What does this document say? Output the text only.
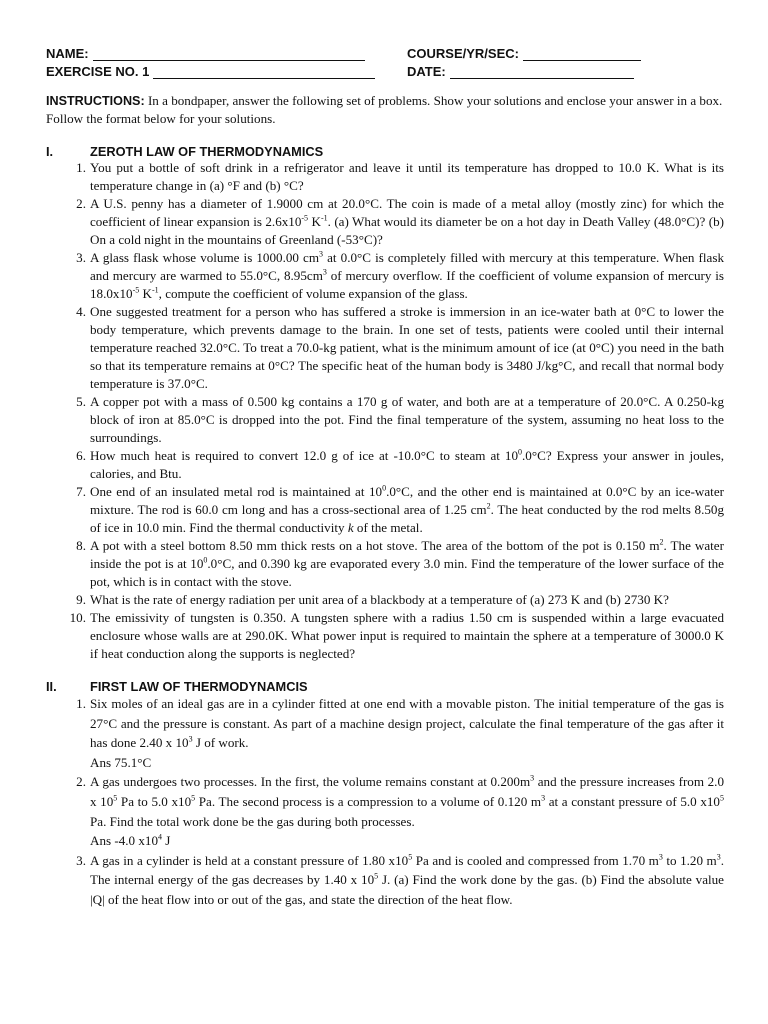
NAME:
EXERCISE NO. 1
COURSE/YR/SEC:
DATE:
INSTRUCTIONS: In a bondpaper, answer the following set of problems. Show your solutions and enclose your answer in a box. Follow the format below for your solutions.
I.	ZEROTH LAW OF THERMODYNAMICS
1. You put a bottle of soft drink in a refrigerator and leave it until its temperature has dropped to 10.0 K. What is its temperature change in (a) °F and (b) °C?
2. A U.S. penny has a diameter of 1.9000 cm at 20.0°C. The coin is made of a metal alloy (mostly zinc) for which the coefficient of linear expansion is $2.6x10^{-5}$ $K^{-1}$. (a) What would its diameter be on a hot day in Death Valley (48.0°C)? (b) On a cold night in the mountains of Greenland (-53°C)?
3. A glass flask whose volume is 1000.00 $cm^3$ at 0.0°C is completely filled with mercury at this temperature. When flask and mercury are warmed to 55.0°C, $8.95cm^3$ of mercury overflow. If the coefficient of volume expansion of mercury is $18.0x10^{-5}$ $K^{-1}$, compute the coefficient of volume expansion of the glass.
4. One suggested treatment for a person who has suffered a stroke is immersion in an ice-water bath at 0°C to lower the body temperature, which prevents damage to the brain. In one set of tests, patients were cooled until their internal temperature reached 32.0°C. To treat a 70.0-kg patient, what is the minimum amount of ice (at 0°C) you need in the bath so that its temperature remains at 0°C? The specific heat of the human body is 3480 J/kg°C, and recall that normal body temperature is 37.0°C.
5. A copper pot with a mass of 0.500 kg contains a 170 g of water, and both are at a temperature of 20.0°C. A 0.250-kg block of iron at 85.0°C is dropped into the pot. Find the final temperature of the system, assuming no heat loss to the surroundings.
6. How much heat is required to convert 12.0 g of ice at -10.0°C to steam at $10^0.0^\circ C$? Express your answer in joules, calories, and Btu.
7. One end of an insulated metal rod is maintained at $10^0.0^\circ C$, and the other end is maintained at 0.0°C by an ice-water mixture. The rod is 60.0 cm long and has a cross-sectional area of 1.25 $cm^2$. The heat conducted by the rod melts 8.50g of ice in 10.0 min. Find the thermal conductivity k of the metal.
8. A pot with a steel bottom 8.50 mm thick rests on a hot stove. The area of the bottom of the pot is 0.150 $m^2$. The water inside the pot is at $10^0.0^\circ C$, and 0.390 kg are evaporated every 3.0 min. Find the temperature of the lower surface of the pot, which is in contact with the stove.
9. What is the rate of energy radiation per unit area of a blackbody at a temperature of (a) 273 K and (b) 2730 K?
10. The emissivity of tungsten is 0.350. A tungsten sphere with a radius 1.50 cm is suspended within a large evacuated enclosure whose walls are at 290.0K. What power input is required to maintain the sphere at a temperature of 3000.0 K if heat conduction along the supports is neglected?
II.	FIRST LAW OF THERMODYNAMCIS
1. Six moles of an ideal gas are in a cylinder fitted at one end with a movable piston. The initial temperature of the gas is 27°C and the pressure is constant. As part of a machine design project, calculate the final temperature of the gas after it has done 2.40 x $10^3$ J of work.
Ans 75.1°C
2. A gas undergoes two processes. In the first, the volume remains constant at $0.200m^3$ and the pressure increases from 2.0 x $10^5$ Pa to 5.0 $x10^5$ Pa. The second process is a compression to a volume of 0.120 $m^3$ at a constant pressure of 5.0 $x10^5$ Pa. Find the total work done be the gas during both processes.
Ans -4.0 $x10^4$ J
3. A gas in a cylinder is held at a constant pressure of 1.80 $x10^5$ Pa and is cooled and compressed from 1.70 $m^3$ to 1.20 $m^3$. The internal energy of the gas decreases by 1.40 x $10^5$ J. (a) Find the work done by the gas. (b) Find the absolute value |Q| of the heat flow into or out of the gas, and state the direction of the heat flow.
